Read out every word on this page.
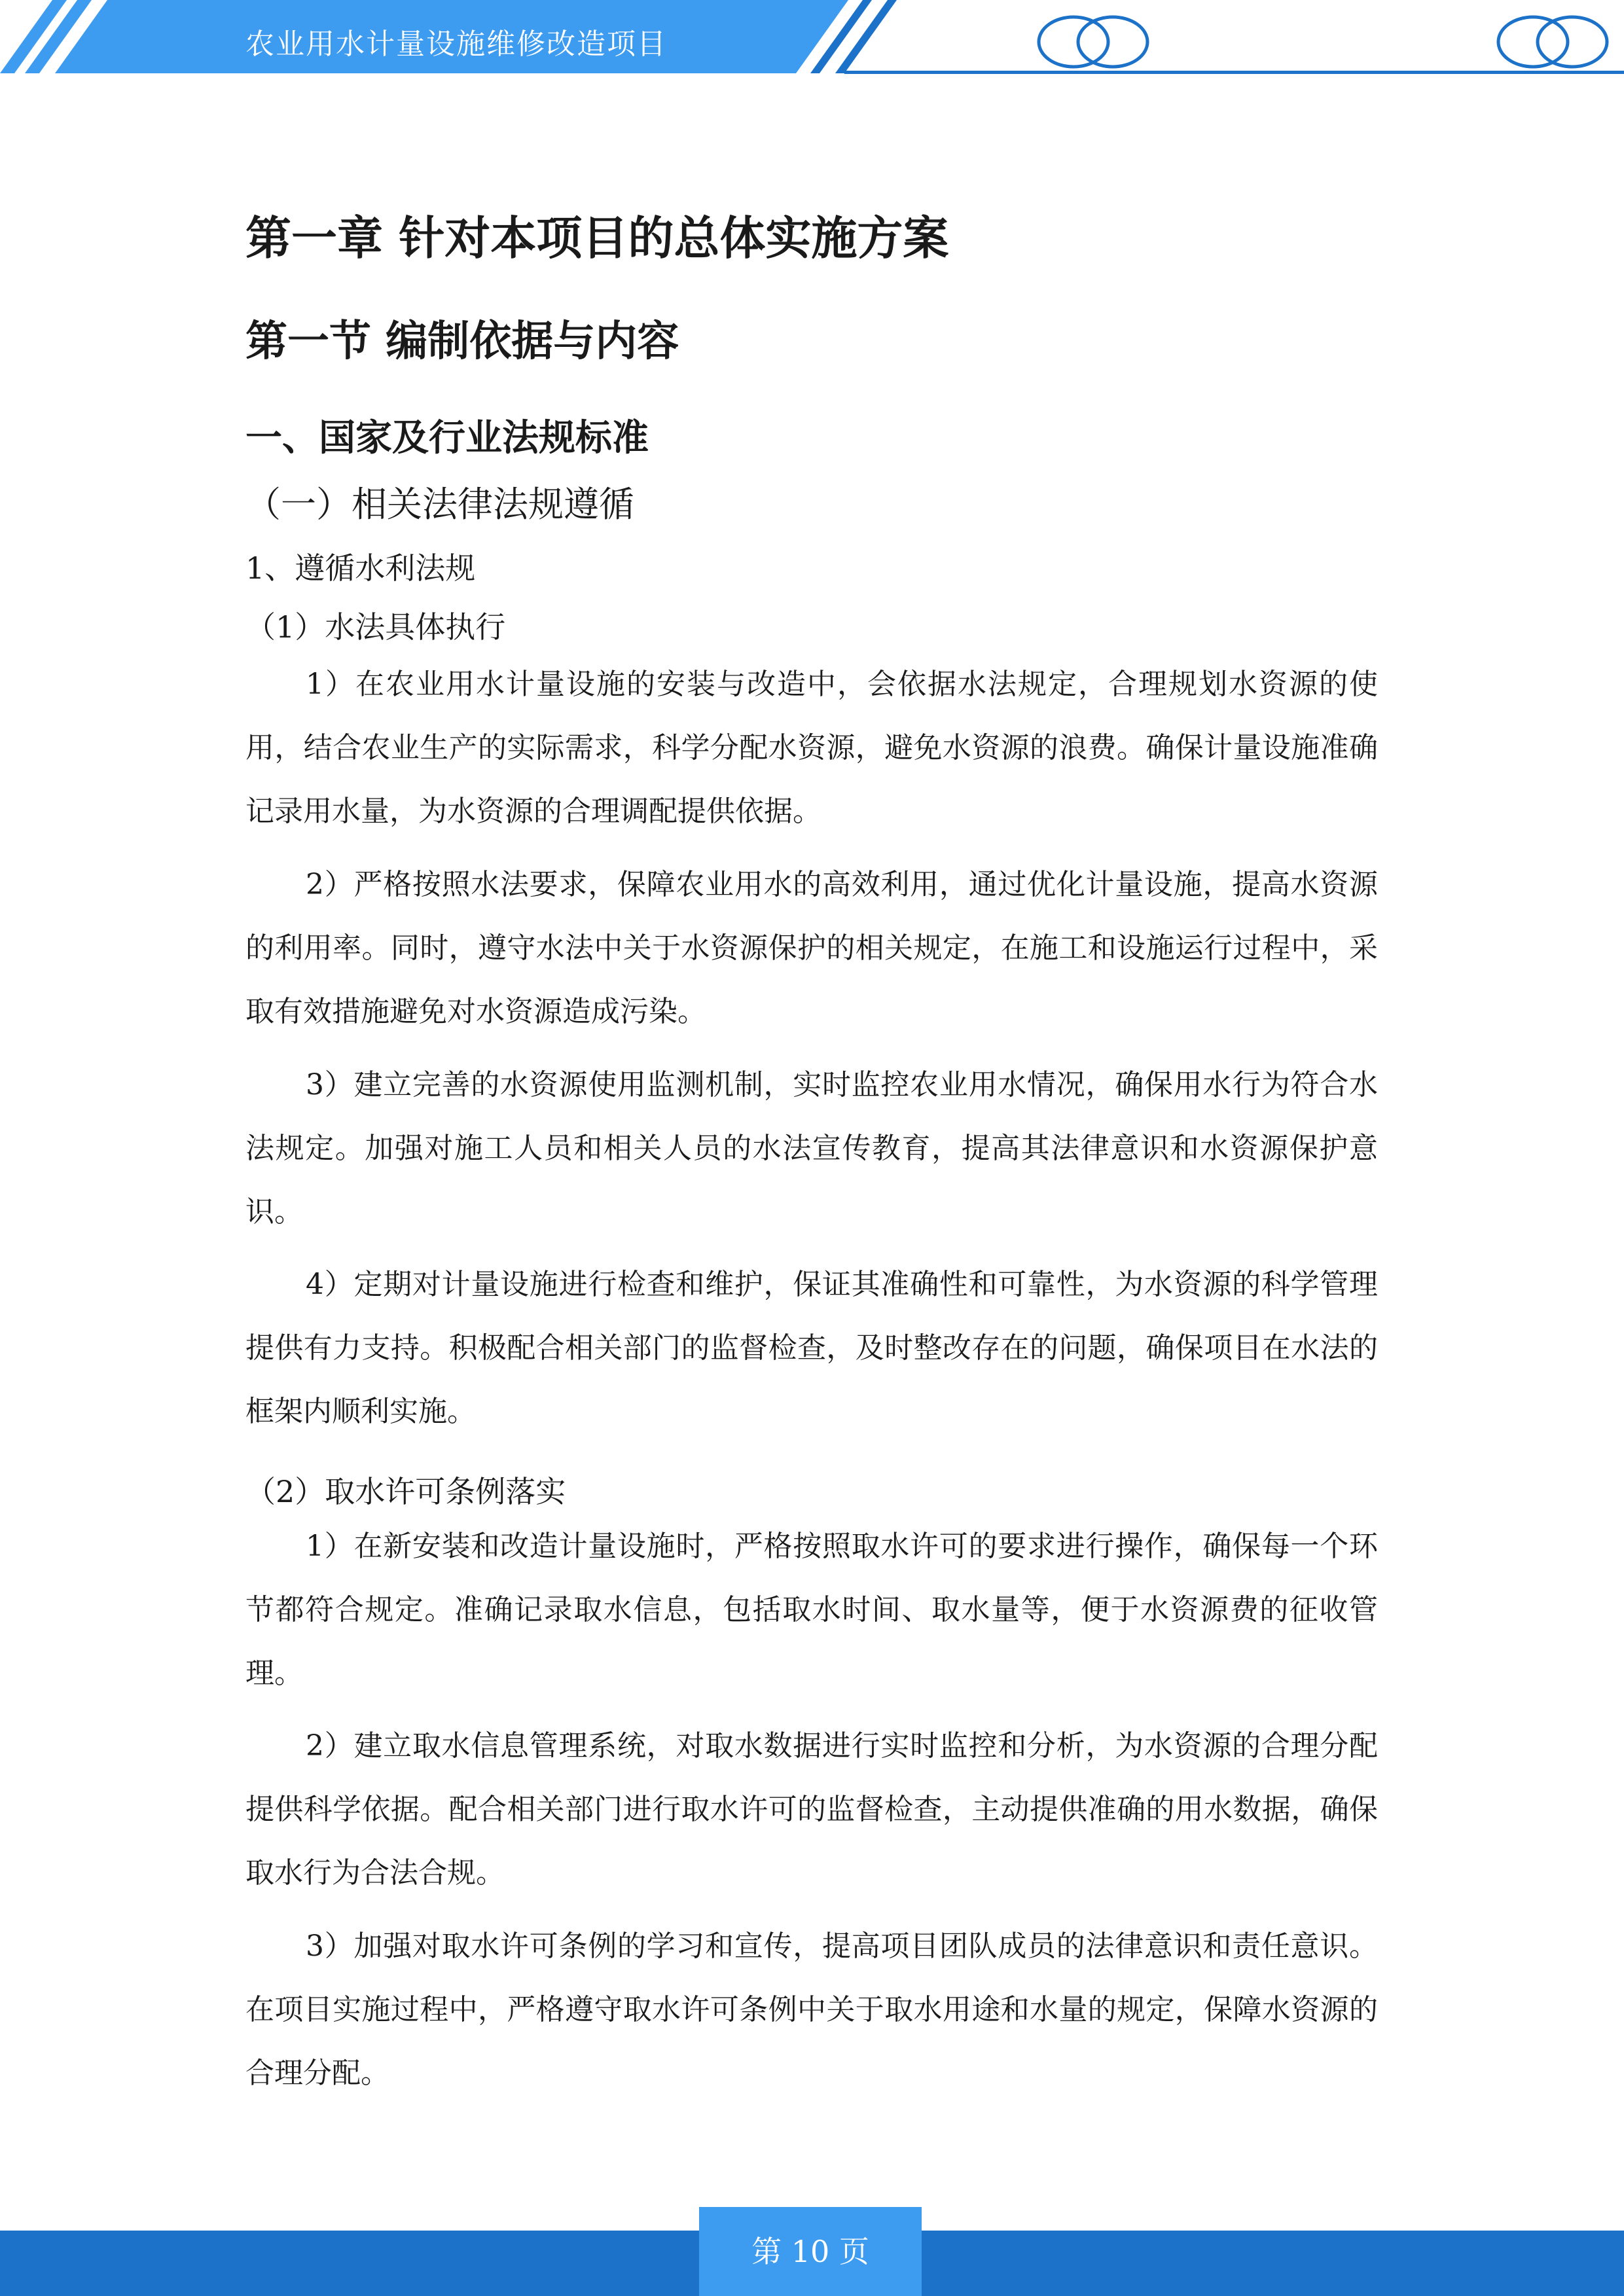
农业用水计量设施维修改造项目
第一章 针对本项目的总体实施方案
第一节 编制依据与内容
一、国家及行业法规标准
（一）相关法律法规遵循
1、遵循水利法规
（1）水法具体执行

1）在农业用水计量设施的安装与改造中，会依据水法规定，合理规划水资源的使用，结合农业生产的实际需求，科学分配水资源，避免水资源的浪费。确保计量设施准确记录用水量，为水资源的合理调配提供依据。

2）严格按照水法要求，保障农业用水的高效利用，通过优化计量设施，提高水资源的利用率。同时，遵守水法中关于水资源保护的相关规定，在施工和设施运行过程中，采取有效措施避免对水资源造成污染。

3）建立完善的水资源使用监测机制，实时监控农业用水情况，确保用水行为符合水法规定。加强对施工人员和相关人员的水法宣传教育，提高其法律意识和水资源保护意识。

4）定期对计量设施进行检查和维护，保证其准确性和可靠性，为水资源的科学管理提供有力支持。积极配合相关部门的监督检查，及时整改存在的问题，确保项目在水法的框架内顺利实施。

（2）取水许可条例落实

1）在新安装和改造计量设施时，严格按照取水许可的要求进行操作，确保每一个环节都符合规定。准确记录取水信息，包括取水时间、取水量等，便于水资源费的征收管理。

2）建立取水信息管理系统，对取水数据进行实时监控和分析，为水资源的合理分配提供科学依据。配合相关部门进行取水许可的监督检查，主动提供准确的用水数据，确保取水行为合法合规。

3）加强对取水许可条例的学习和宣传，提高项目团队成员的法律意识和责任意识。在项目实施过程中，严格遵守取水许可条例中关于取水用途和水量的规定，保障水资源的合理分配。

第 10 页
